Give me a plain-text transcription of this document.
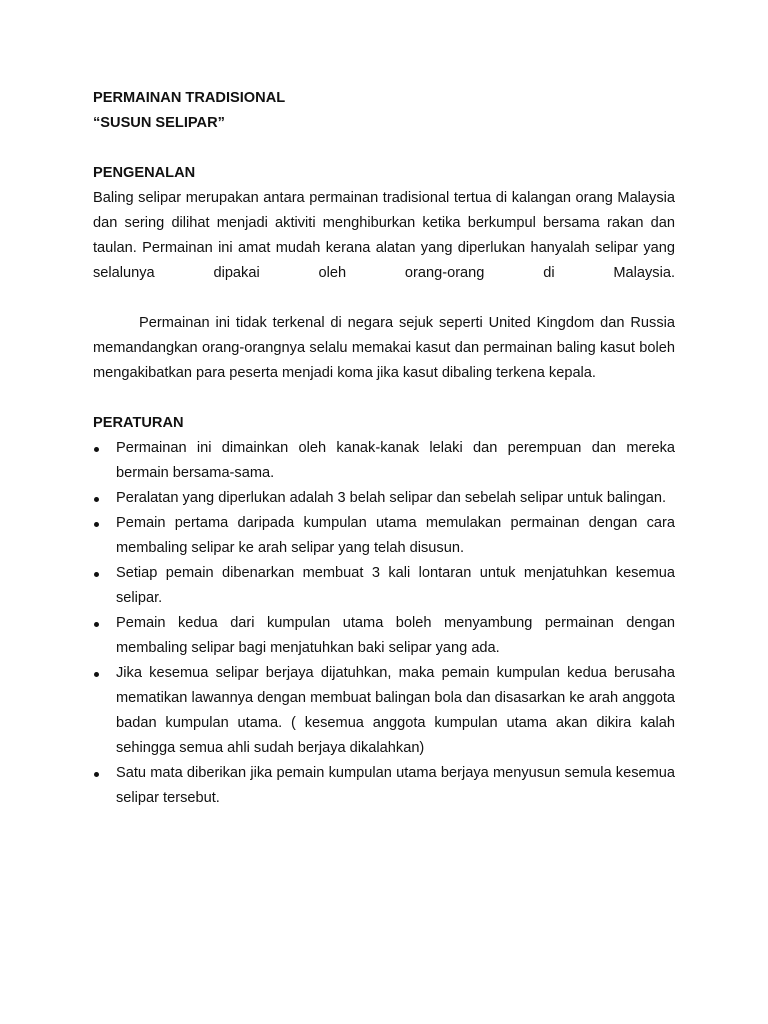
PERMAINAN TRADISIONAL

“SUSUN SELIPAR”

PENGENALAN

Baling selipar merupakan antara permainan tradisional tertua di kalangan orang Malaysia dan sering dilihat menjadi aktiviti menghiburkan ketika berkumpul bersama rakan dan taulan. Permainan ini amat mudah kerana alatan yang diperlukan hanyalah selipar yang selalunya dipakai oleh orang-orang di Malaysia.

Permainan ini tidak terkenal di negara sejuk seperti United Kingdom dan Russia memandangkan orang-orangnya selalu memakai kasut dan permainan baling kasut boleh mengakibatkan para peserta menjadi koma jika kasut dibaling terkena kepala.

PERATURAN

Permainan ini dimainkan oleh kanak-kanak lelaki dan perempuan dan mereka bermain bersama-sama.
Peralatan yang diperlukan adalah 3 belah selipar dan sebelah selipar untuk balingan.
Pemain pertama daripada kumpulan utama memulakan permainan dengan cara membaling selipar ke arah selipar yang telah disusun.
Setiap pemain dibenarkan membuat 3 kali lontaran untuk menjatuhkan kesemua selipar.
Pemain kedua dari kumpulan utama boleh menyambung permainan dengan membaling selipar bagi menjatuhkan baki selipar yang ada.
Jika kesemua selipar berjaya dijatuhkan, maka pemain kumpulan kedua berusaha mematikan lawannya dengan membuat balingan bola dan disasarkan ke arah anggota badan kumpulan utama. ( kesemua anggota kumpulan utama akan dikira kalah sehingga semua ahli sudah berjaya dikalahkan)
Satu mata diberikan jika pemain kumpulan utama berjaya menyusun semula kesemua selipar tersebut.
